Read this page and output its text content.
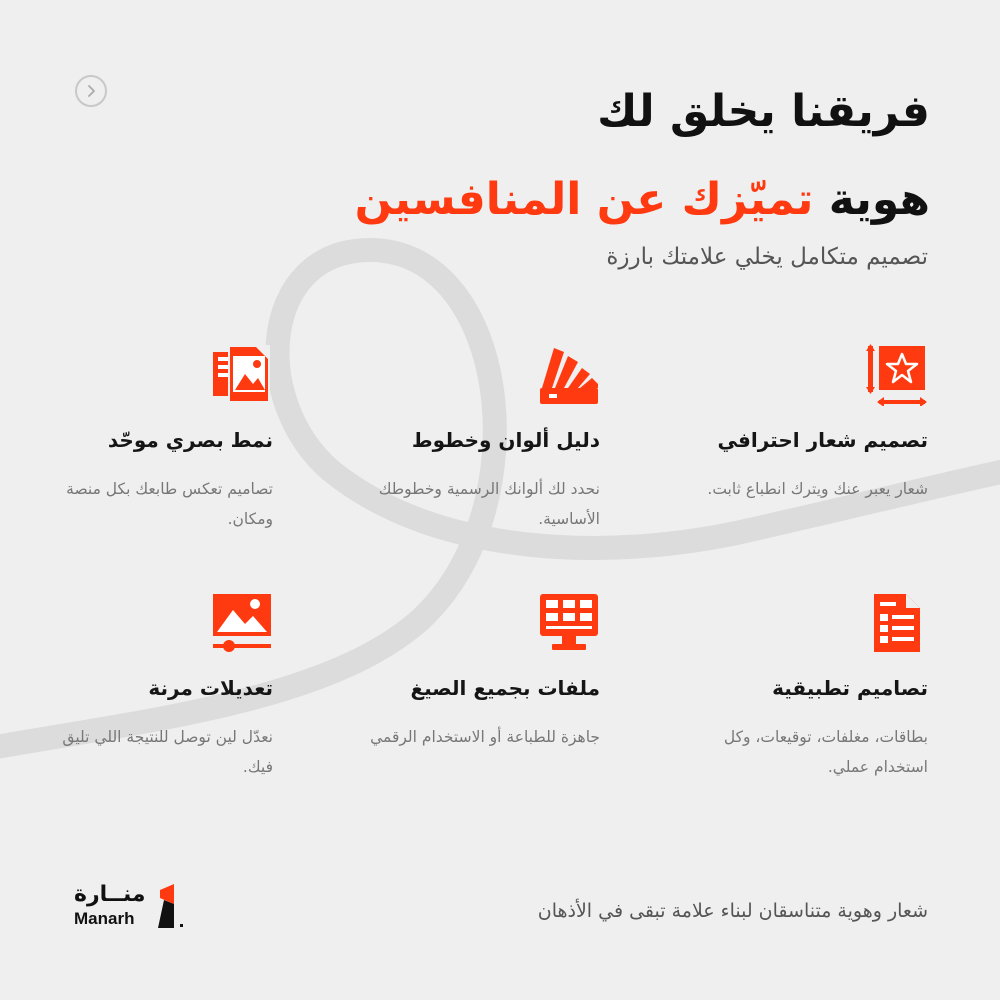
فريقنا يخلق لك
هوية تميّزك عن المنافسين
تصميم متكامل يخلي علامتك بارزة
تصميم شعار احترافي
شعار يعبر عنك ويترك انطباع ثابت.
دليل ألوان وخطوط
نحدد لك ألوانك الرسمية وخطوطك الأساسية.
نمط بصري موحّد
تصاميم تعكس طابعك بكل منصة ومكان.
تصاميم تطبيقية
بطاقات، مغلفات، توقيعات، وكل استخدام عملي.
ملفات بجميع الصيغ
جاهزة للطباعة أو الاستخدام الرقمي
تعديلات مرنة
نعدّل لين توصل للنتيجة اللي تليق فيك.
شعار وهوية متناسقان لبناء علامة تبقى في الأذهان
منــارة
Manarh
